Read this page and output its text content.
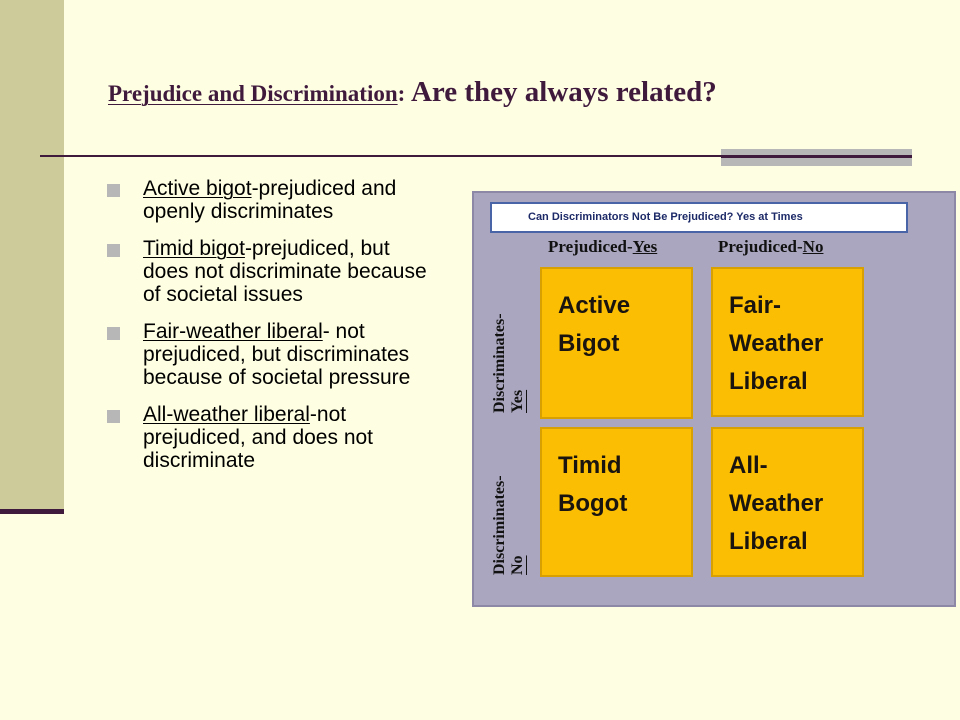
Prejudice and Discrimination: Are they always related?
Active bigot-prejudiced and openly discriminates
Timid bigot-prejudiced, but does not discriminate because of societal issues
Fair-weather liberal- not prejudiced, but discriminates because of societal pressure
All-weather liberal-not prejudiced, and does not discriminate
Can Discriminators Not Be Prejudiced? Yes at Times
Prejudiced-Yes	Prejudiced-No
Discriminates-
Yes
Discriminates-
No
Active
Bigot
Fair-
Weather
Liberal
Timid
Bogot
All-
Weather
Liberal
